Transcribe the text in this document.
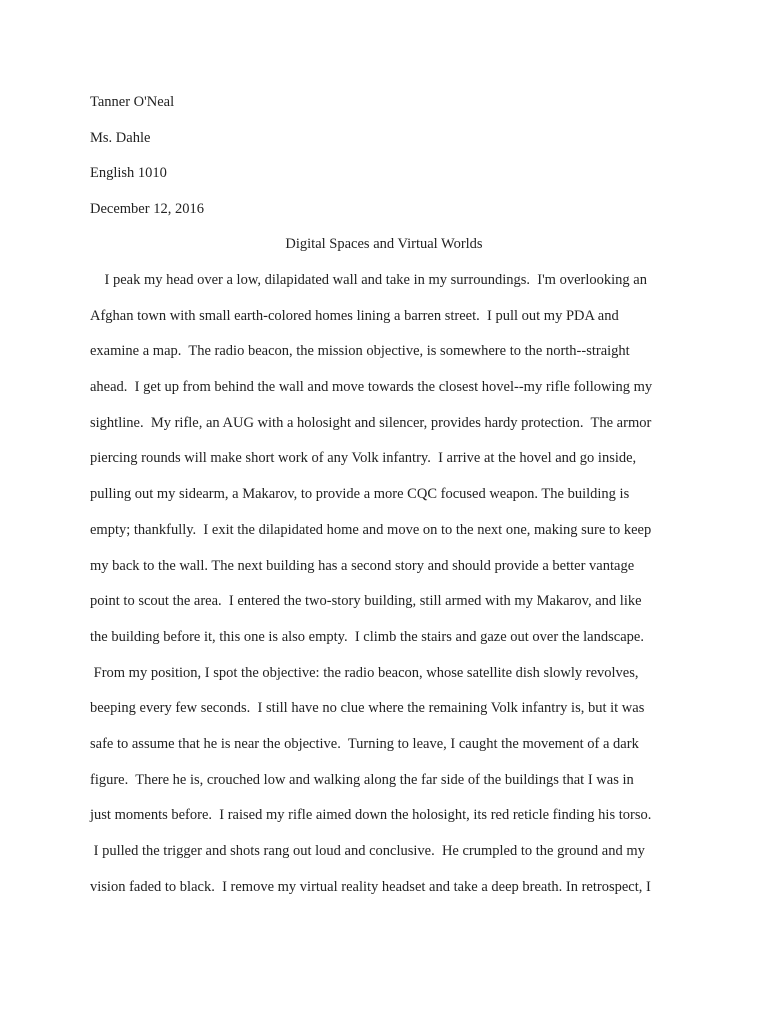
Tanner O'Neal

Ms. Dahle

English 1010

December 12, 2016

Digital Spaces and Virtual Worlds

I peak my head over a low, dilapidated wall and take in my surroundings.  I'm overlooking an
Afghan town with small earth-colored homes lining a barren street.  I pull out my PDA and
examine a map.  The radio beacon, the mission objective, is somewhere to the north--straight
ahead.  I get up from behind the wall and move towards the closest hovel--my rifle following my
sightline.  My rifle, an AUG with a holosight and silencer, provides hardy protection.  The armor
piercing rounds will make short work of any Volk infantry.  I arrive at the hovel and go inside,
pulling out my sidearm, a Makarov, to provide a more CQC focused weapon. The building is
empty; thankfully.  I exit the dilapidated home and move on to the next one, making sure to keep
my back to the wall. The next building has a second story and should provide a better vantage
point to scout the area.  I entered the two-story building, still armed with my Makarov, and like
the building before it, this one is also empty.  I climb the stairs and gaze out over the landscape.
From my position, I spot the objective: the radio beacon, whose satellite dish slowly revolves,
beeping every few seconds.  I still have no clue where the remaining Volk infantry is, but it was
safe to assume that he is near the objective.  Turning to leave, I caught the movement of a dark
figure.  There he is, crouched low and walking along the far side of the buildings that I was in
just moments before.  I raised my rifle aimed down the holosight, its red reticle finding his torso.
I pulled the trigger and shots rang out loud and conclusive.  He crumpled to the ground and my
vision faded to black.  I remove my virtual reality headset and take a deep breath. In retrospect, I
